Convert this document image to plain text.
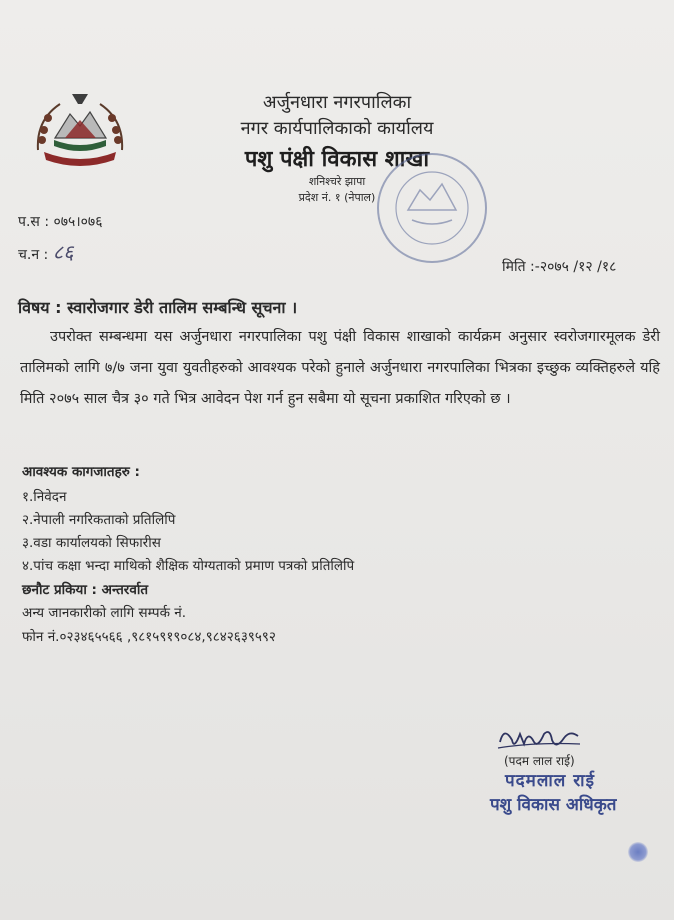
अर्जुनधारा नगरपालिका
नगर कार्यपालिकाको कार्यालय
पशु पंक्षी विकास शाखा
शनिश्चरे झापा
प्रदेश नं. १ (नेपाल)
प.स : ०७५।०७६
च.न : ८६
मिति :-२०७५ /१२ /१८
विषय : स्वारोजगार डेरी तालिम सम्बन्धि सूचना ।
उपरोक्त सम्बन्धमा यस अर्जुनधारा नगरपालिका पशु पंक्षी विकास शाखाको कार्यक्रम अनुसार स्वरोजगारमूलक डेरी तालिमको लागि ७/७ जना युवा युवतीहरुको आवश्यक परेको हुनाले अर्जुनधारा नगरपालिका भित्रका इच्छुक व्यक्तिहरुले यहि मिति २०७५ साल चैत्र ३० गते भित्र आवेदन पेश गर्न हुन सबैमा यो सूचना प्रकाशित गरिएको छ ।
आवश्यक कागजातहरु :
१.निवेदन
२.नेपाली नगरिकताको प्रतिलिपि
३.वडा कार्यालयको सिफारीस
४.पांच कक्षा भन्दा माथिको शैक्षिक योग्यताको प्रमाण पत्रको प्रतिलिपि
छनौट प्रकिया : अन्तरर्वात
अन्य जानकारीको लागि सम्पर्क नं.
फोन नं.०२३४६५५६६ ,९८१५९१९०८४,९८४२६३९५९२
(पदम लाल राई)
पदमलाल राई
पशु विकास अधिकृत
